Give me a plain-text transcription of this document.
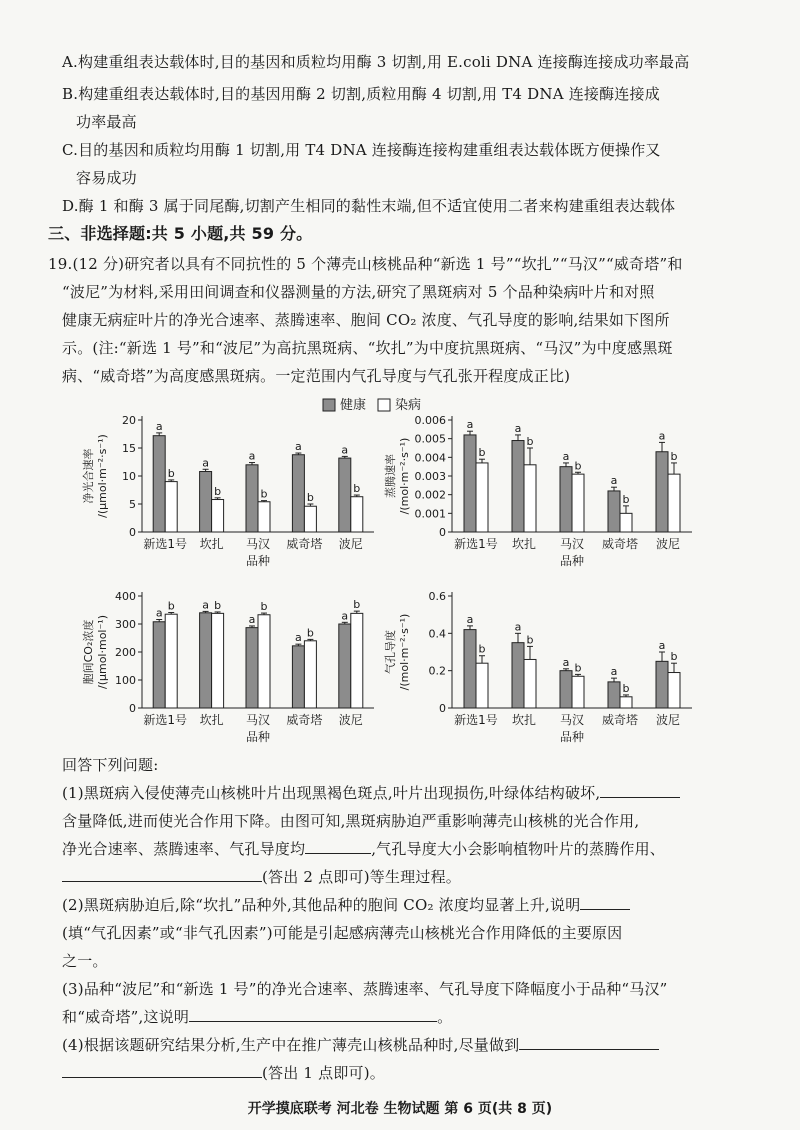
A.构建重组表达载体时,目的基因和质粒均用酶 3 切割,用 E.coli DNA 连接酶连接成功率最高
B.构建重组表达载体时,目的基因用酶 2 切割,质粒用酶 4 切割,用 T4 DNA 连接酶连接成
功率最高
C.目的基因和质粒均用酶 1 切割,用 T4 DNA 连接酶连接构建重组表达载体既方便操作又
容易成功
D.酶 1 和酶 3 属于同尾酶,切割产生相同的黏性末端,但不适宜使用二者来构建重组表达载体
三、非选择题:共 5 小题,共 59 分。
19.(12 分)研究者以具有不同抗性的 5 个薄壳山核桃品种“新选 1 号”“坎扎”“马汉”“威奇塔”和
“波尼”为材料,采用田间调查和仪器测量的方法,研究了黑斑病对 5 个品种染病叶片和对照
健康无病症叶片的净光合速率、蒸腾速率、胞间 CO₂ 浓度、气孔导度的影响,结果如下图所
示。(注:“新选 1 号”和“波尼”为高抗黑斑病、“坎扎”为中度抗黑斑病、“马汉”为中度感黑斑
病、“威奇塔”为高度感黑斑病。一定范围内气孔导度与气孔张开程度成正比)
健康 染病
0
5
10
15
20
净光合速率 /(μmol·m⁻²·s⁻¹)
a
b
新选1号
a
b
坎扎
a
b
马汉
a
b
威奇塔
a
b
波尼
品种
0
0.001
0.002
0.003
0.004
0.005
0.006
蒸腾速率 /(mol·m⁻²·s⁻¹)
a
b
新选1号
a
b
坎扎
a
b
马汉
a
b
威奇塔
a
b
波尼
品种
0
100
200
300
400
胞间CO₂浓度 /(μmol·mol⁻¹)
a
b
新选1号
a b
坎扎
a
b
马汉
a b
威奇塔
a
b
波尼
品种
0
0.2
0.4
0.6
气孔导度 /(mol·m⁻²·s⁻¹)	a
b
新选1号
a
b
坎扎
a b
马汉
a
b
威奇塔
a
b
波尼
品种
回答下列问题:
(1)黑斑病入侵使薄壳山核桃叶片出现黑褐色斑点,叶片出现损伤,叶绿体结构破坏,
含量降低,进而使光合作用下降。由图可知,黑斑病胁迫严重影响薄壳山核桃的光合作用,
净光合速率、蒸腾速率、气孔导度均	,气孔导度大小会影响植物叶片的蒸腾作用、
(答出 2 点即可)等生理过程。
(2)黑斑病胁迫后,除“坎扎”品种外,其他品种的胞间 CO₂ 浓度均显著上升,说明
(填“气孔因素”或“非气孔因素”)可能是引起感病薄壳山核桃光合作用降低的主要原因
之一。
(3)品种“波尼”和“新选 1 号”的净光合速率、蒸腾速率、气孔导度下降幅度小于品种“马汉”
和“威奇塔”,这说明	。
(4)根据该题研究结果分析,生产中在推广薄壳山核桃品种时,尽量做到
(答出 1 点即可)。
开学摸底联考 河北卷 生物试题 第 6 页(共 8 页)
